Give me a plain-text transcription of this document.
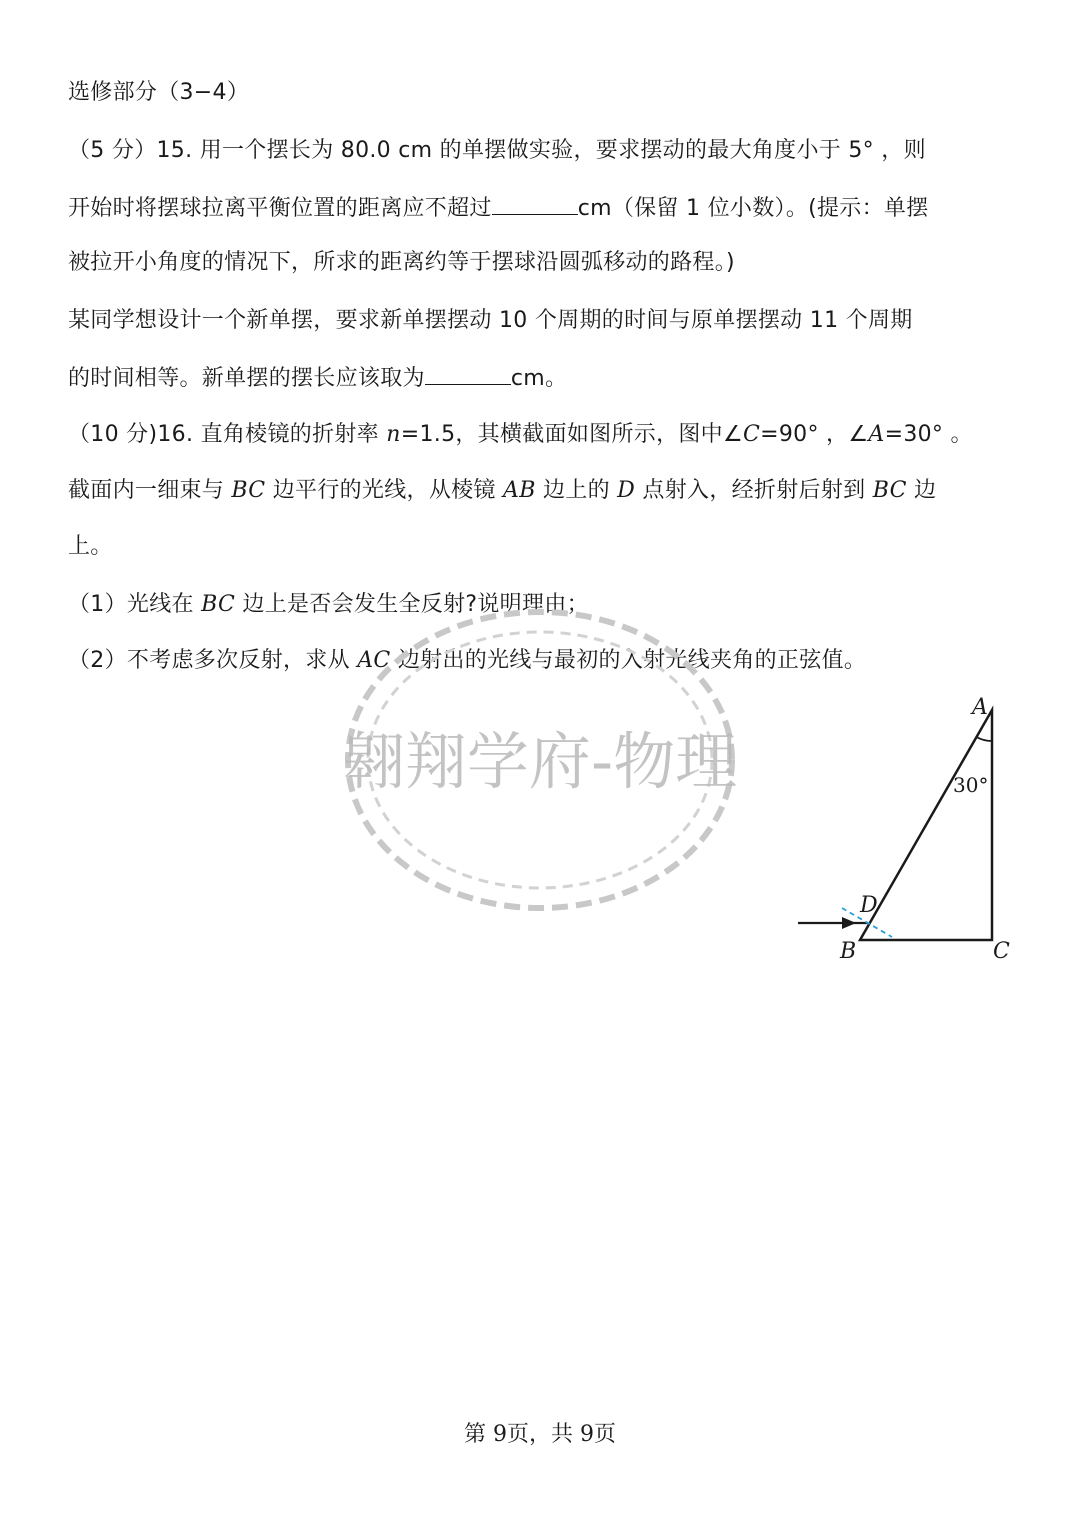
选修部分（3−4）
（5 分）15. 用一个摆长为 80.0 cm 的单摆做实验，要求摆动的最大角度小于 5° ，则
开始时将摆球拉离平衡位置的距离应不超过	cm（保留 1 位小数）。(提示：单摆
被拉开小角度的情况下，所求的距离约等于摆球沿圆弧移动的路程。)
某同学想设计一个新单摆，要求新单摆摆动 10 个周期的时间与原单摆摆动 11 个周期
的时间相等。新单摆的摆长应该取为	cm。
（10 分)16. 直角棱镜的折射率 n=1.5，其横截面如图所示，图中∠C=90° ，∠A=30° 。
截面内一细束与 BC 边平行的光线，从棱镜 AB 边上的 D 点射入，经折射后射到 BC 边
上。
（1）光线在 BC 边上是否会发生全反射?说明理由；
（2）不考虑多次反射，求从 AC 边射出的光线与最初的入射光线夹角的正弦值。
翱翔学府-物理
A
30°
D
B	C
第 9页，共 9页
